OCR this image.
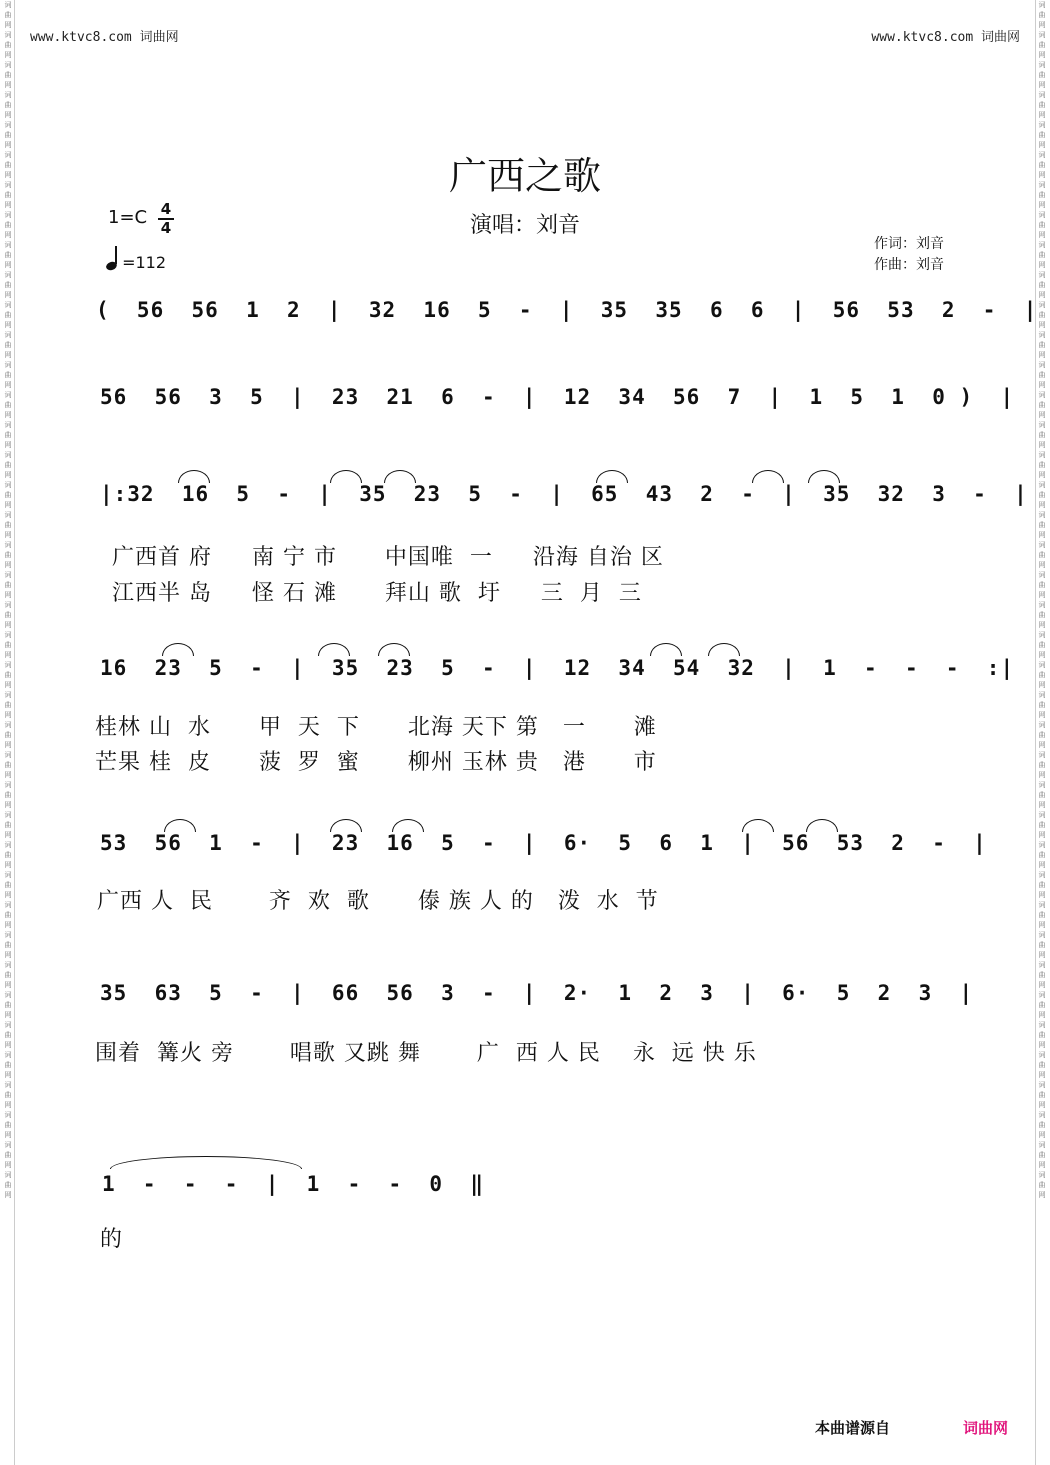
词曲网词曲网词曲网词曲网词曲网词曲网词曲网词曲网词曲网词曲网词曲网词曲网词曲网词曲网词曲网词曲网词曲网词曲网词曲网词曲网词曲网词曲网词曲网词曲网词曲网词曲网词曲网词曲网词曲网词曲网词曲网词曲网词曲网词曲网词曲网词曲网词曲网词曲网词曲网词曲网
词曲网词曲网词曲网词曲网词曲网词曲网词曲网词曲网词曲网词曲网词曲网词曲网词曲网词曲网词曲网词曲网词曲网词曲网词曲网词曲网词曲网词曲网词曲网词曲网词曲网词曲网词曲网词曲网词曲网词曲网词曲网词曲网词曲网词曲网词曲网词曲网词曲网词曲网词曲网词曲网
www.ktvc8.com 词曲网	www.ktvc8.com 词曲网
广西之歌
演唱：刘音
作词：刘音
作曲：刘音
1=C 4
4
=112
(  56  56  1  2  |  32  16  5  -  |  35  35  6  6  |  56  53  2  -  |
56  56  3  5  |  23  21  6  -  |  12  34  56  7  |  1  5  1  0 )  |
|:32  16  5  -  |  35  23  5  -  |  65  43  2  -  |  35  32  3  -  |
广西首 府     南 宁 市      中国唯  一     沿海 自治 区
江西半 岛     怪 石 滩      拜山 歌  圩     三  月  三
16  23  5  -  |  35  23  5  -  |  12  34  54  32  |  1  -  -  -  :|
桂林 山  水      甲  天  下      北海 天下 第   一      滩
芒果 桂  皮      菠  罗  蜜      柳州 玉林 贵   港      市
53  56  1  -  |  23  16  5  -  |  6·  5  6  1  |  56  53  2  -  |
广西 人  民       齐  欢  歌      傣 族 人 的   泼  水  节
35  63  5  -  |  66  56  3  -  |  2·  1  2  3  |  6·  5  2  3  |
围着  篝火 旁       唱歌 又跳 舞       广  西 人 民    永  远 快 乐
1  -  -  -  |  1  -  -  0  ‖
的
本曲谱源自	词曲网
